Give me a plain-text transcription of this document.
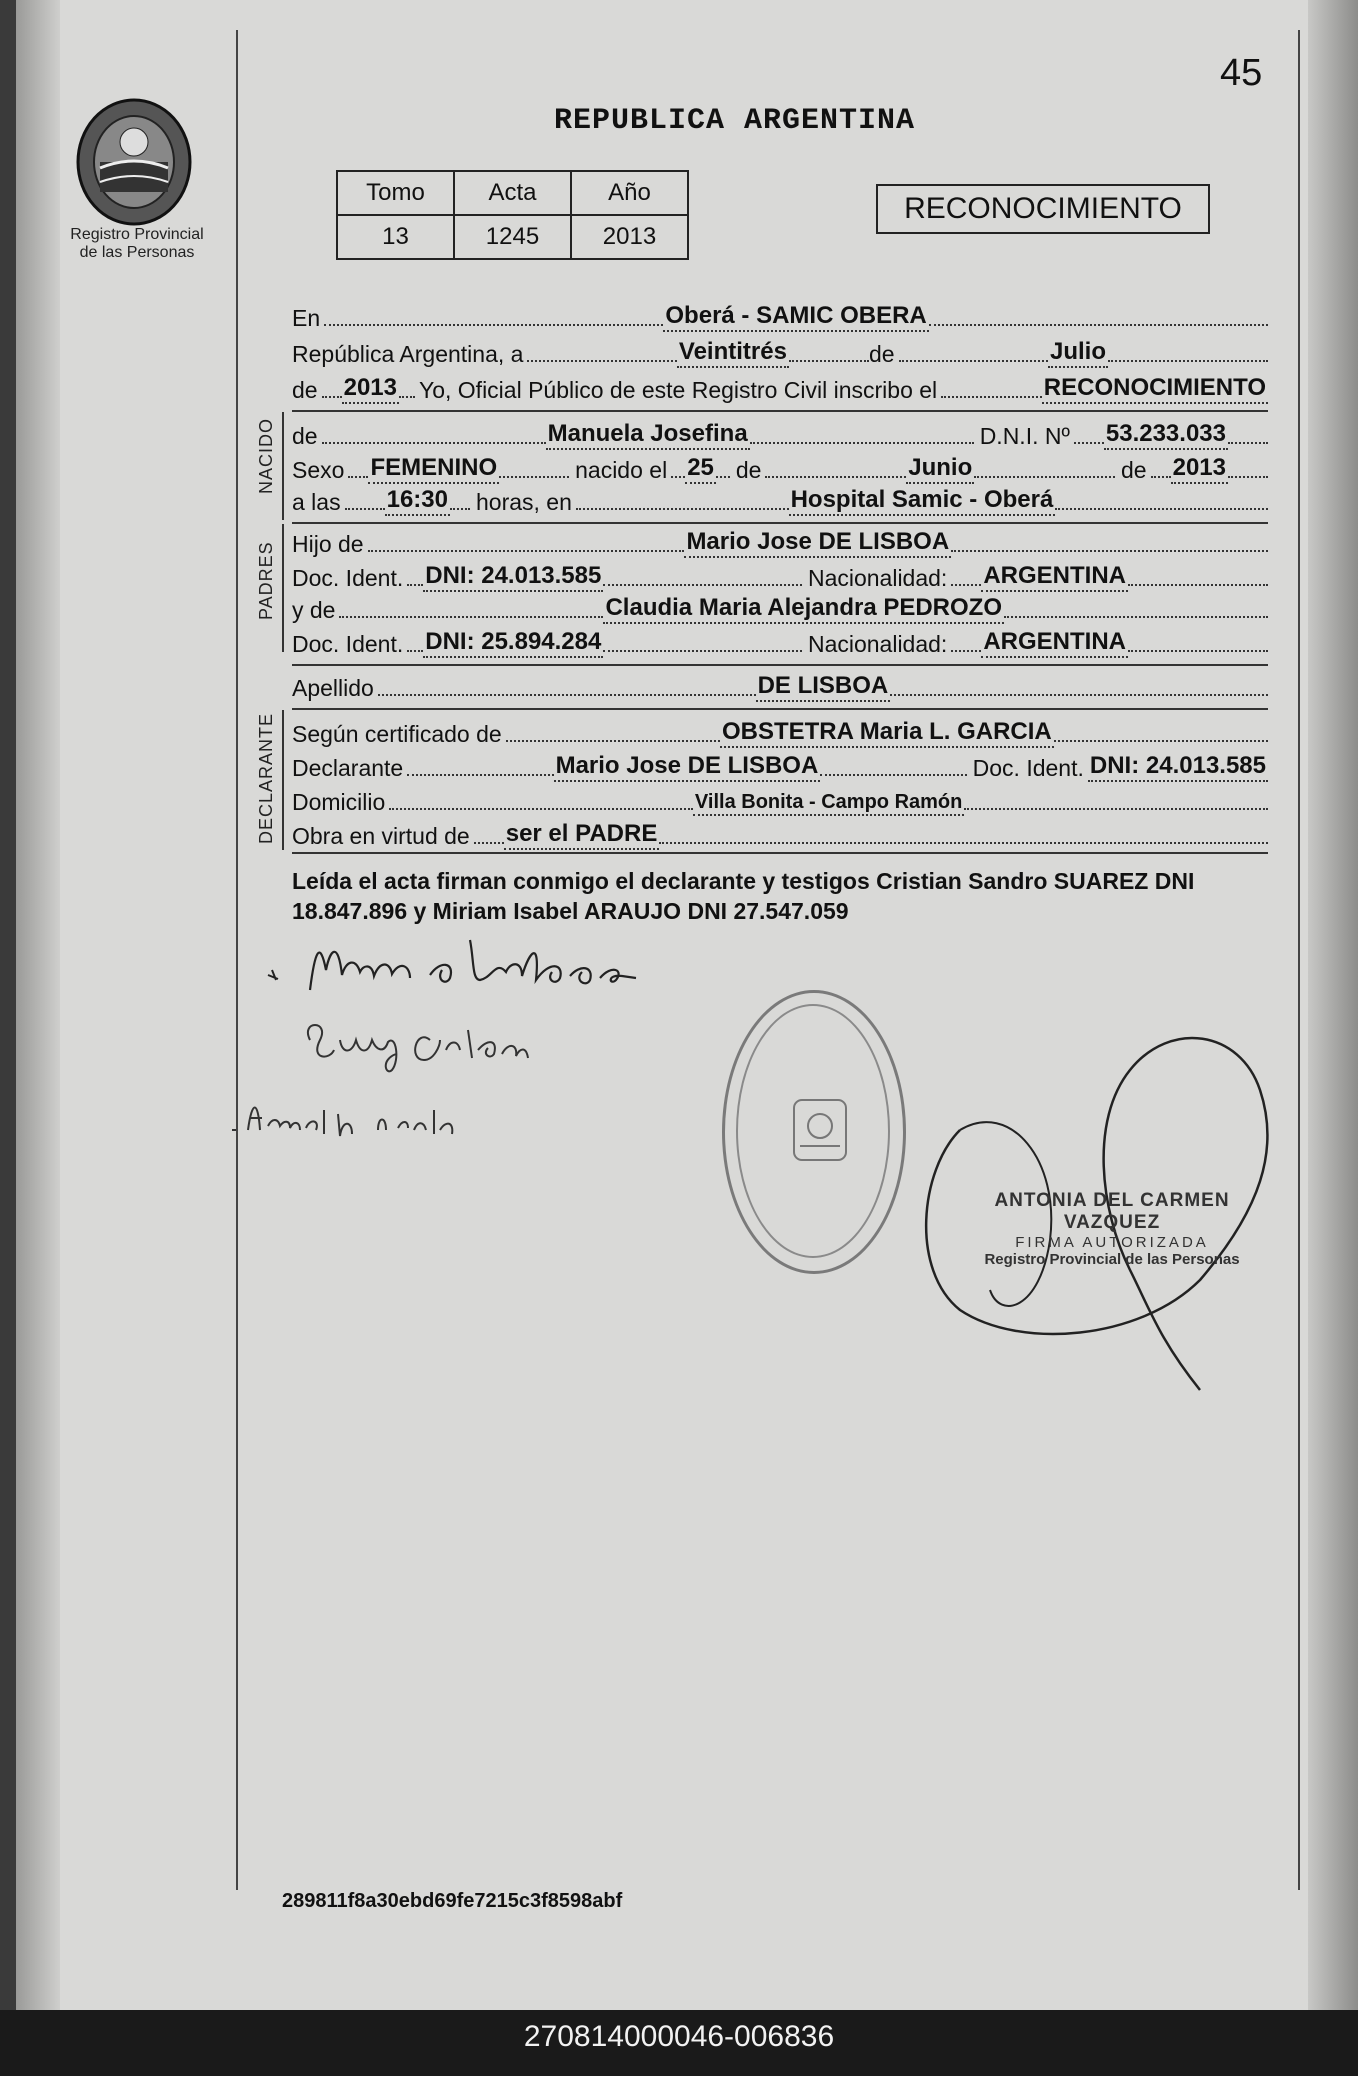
45
Registro Provincial
de las Personas
REPUBLICA ARGENTINA
Tomo	Acta	Año
13	1245	2013
RECONOCIMIENTO
En	Oberá - SAMIC OBERA
República Argentina, a	Veintitrés	de	Julio
de 2013 Yo, Oficial Público de este Registro Civil inscribo el	RECONOCIMIENTO
NACIDO de	Manuela Josefina	D.N.I. Nº 53.233.033
Sexo FEMENINO	nacido el 25 de	Junio	de 2013
a las 16:30 horas, en	Hospital Samic - Oberá
PADRES Hijo de	Mario Jose DE LISBOA
Doc. Ident. DNI: 24.013.585	Nacionalidad: ARGENTINA
y de	Claudia Maria Alejandra PEDROZO
Doc. Ident. DNI: 25.894.284	Nacionalidad: ARGENTINA
Apellido	DE LISBOA
DECLARANTE Según certificado de	OBSTETRA Maria L. GARCIA
Declarante	Mario Jose DE LISBOA	Doc. Ident. DNI: 24.013.585
Domicilio	Villa Bonita - Campo Ramón
Obra en virtud de ser el PADRE
Leída el acta firman conmigo el declarante y testigos Cristian Sandro SUAREZ DNI 18.847.896 y Miriam Isabel ARAUJO DNI 27.547.059
ANTONIA DEL CARMEN VAZQUEZ
FIRMA AUTORIZADA
Registro Provincial de las Personas
289811f8a30ebd69fe7215c3f8598abf
270814000046-006836
